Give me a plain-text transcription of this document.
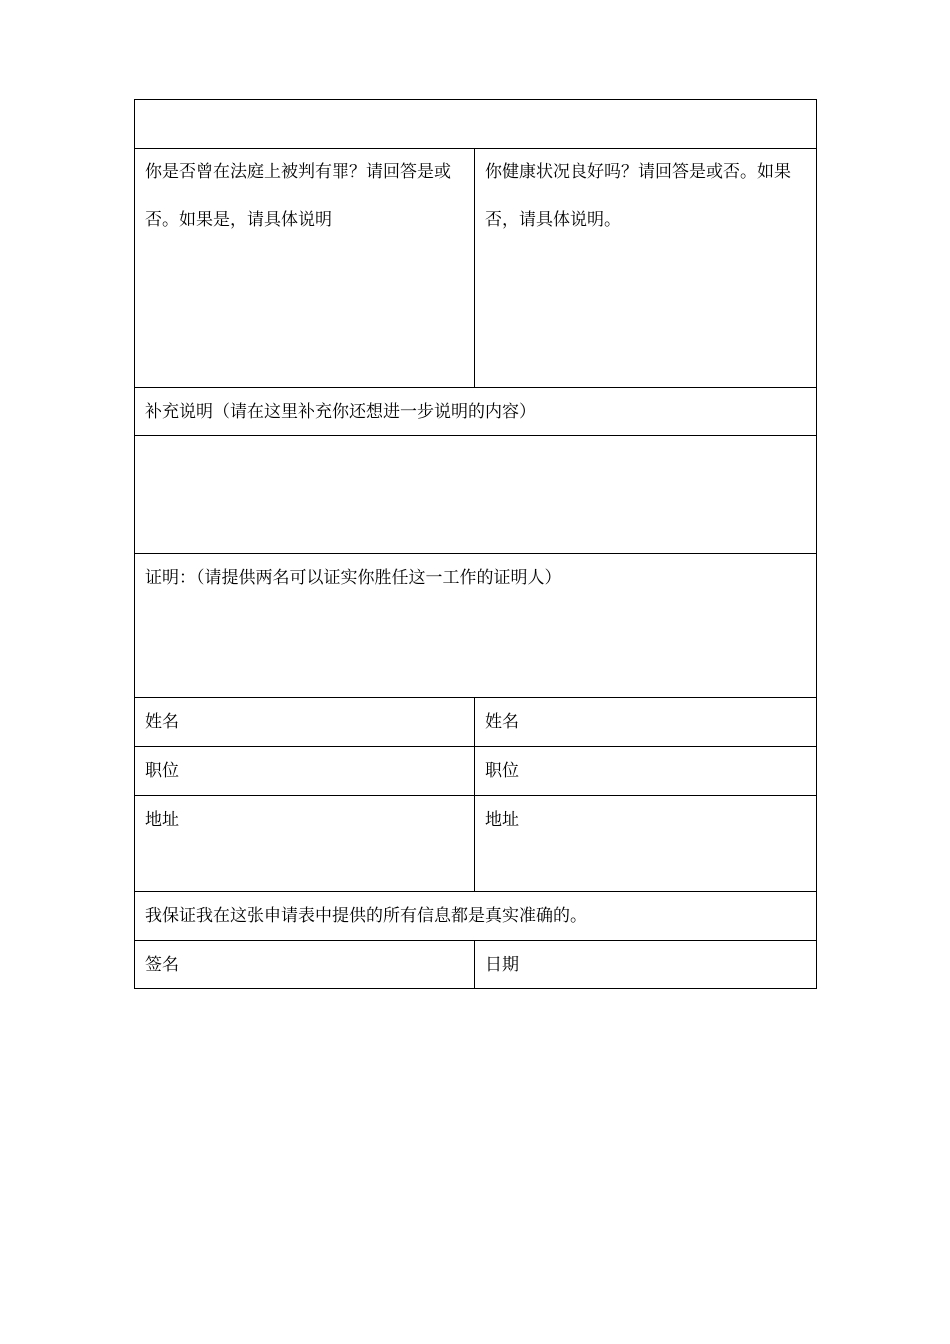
你是否曾在法庭上被判有罪？请回答是或否。如果是，请具体说明	你健康状况良好吗？请回答是或否。如果否，请具体说明。

补充说明（请在这里补充你还想进一步说明的内容）	

证明：（请提供两名可以证实你胜任这一工作的证明人）	
姓名	姓名
职位	职位
地址	地址
我保证我在这张申请表中提供的所有信息都是真实准确的。	
签名	日期
